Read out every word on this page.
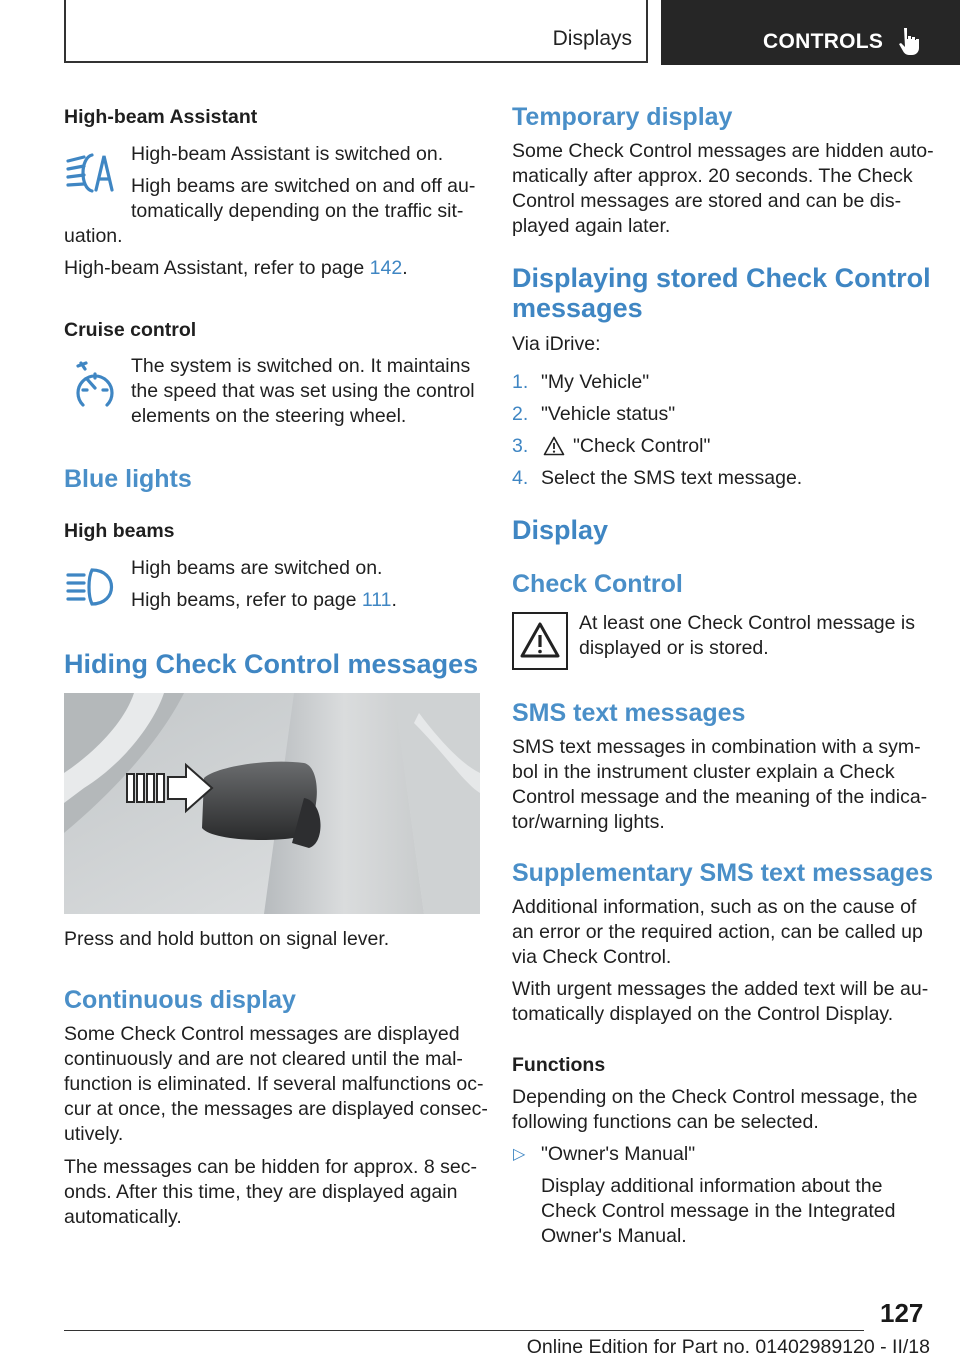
Displays	CONTROLS
High-beam Assistant
High-beam Assistant is switched on.
High beams are switched on and off au‐
tomatically depending on the traffic sit‐
uation.
High-beam Assistant, refer to page 142.
Cruise control
The system is switched on. It maintains
the speed that was set using the control
elements on the steering wheel.
Blue lights
High beams
High beams are switched on.
High beams, refer to page 111.
Hiding Check Control messages
Press and hold button on signal lever.
Continuous display
Some Check Control messages are displayed
continuously and are not cleared until the mal‐
function is eliminated. If several malfunctions oc‐
cur at once, the messages are displayed consec‐
utively.
The messages can be hidden for approx. 8 sec‐
onds. After this time, they are displayed again
automatically.
Temporary display
Some Check Control messages are hidden auto‐
matically after approx. 20 seconds. The Check
Control messages are stored and can be dis‐
played again later.
Displaying stored Check Control
messages
Via iDrive:
1. "My Vehicle"
2. "Vehicle status"
3. "Check Control"
4. Select the SMS text message.
Display
Check Control
At least one Check Control message is
displayed or is stored.
SMS text messages
SMS text messages in combination with a sym‐
bol in the instrument cluster explain a Check
Control message and the meaning of the indica‐
tor/warning lights.
Supplementary SMS text messages
Additional information, such as on the cause of
an error or the required action, can be called up
via Check Control.
With urgent messages the added text will be au‐
tomatically displayed on the Control Display.
Functions
Depending on the Check Control message, the
following functions can be selected.
▷ "Owner's Manual"
Display additional information about the
Check Control message in the Integrated
Owner's Manual.
127
Online Edition for Part no. 01402989120 - II/18
